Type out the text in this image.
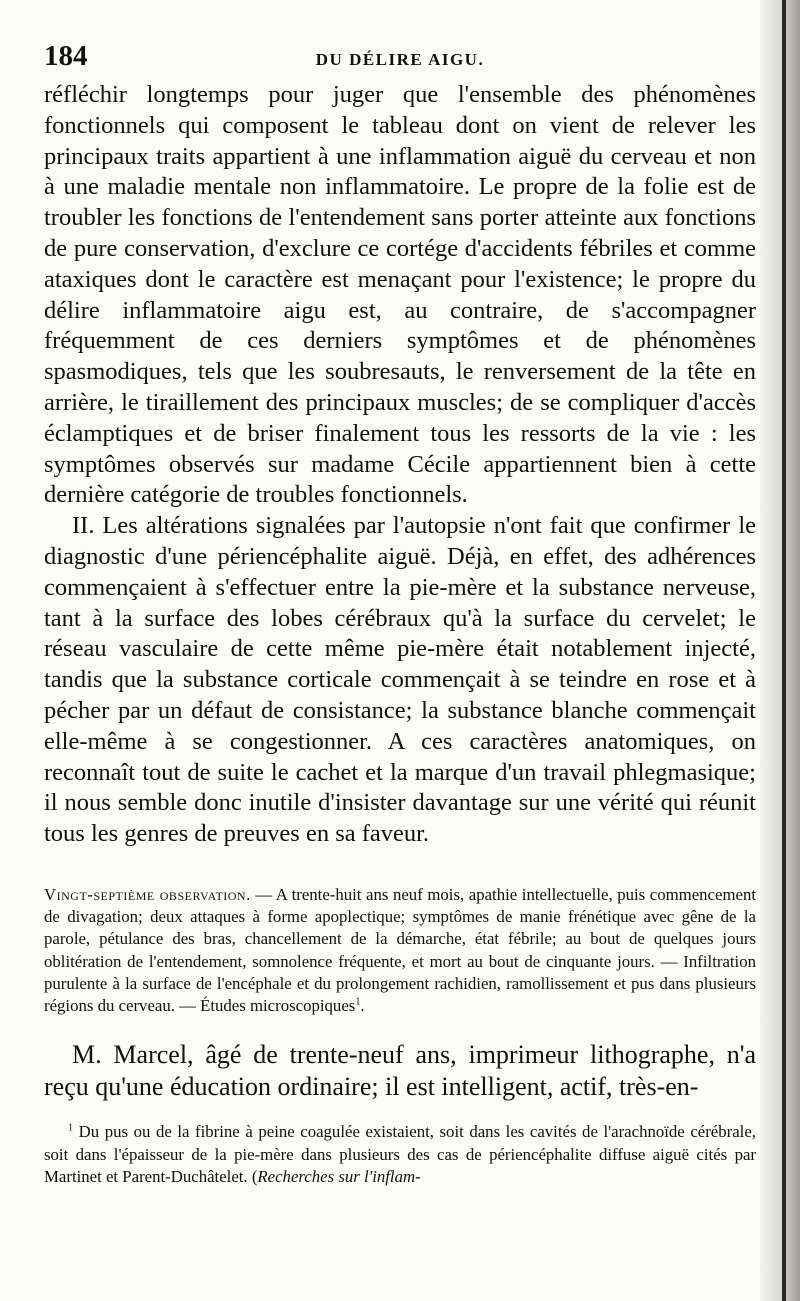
184	DU DÉLIRE AIGU.

réfléchir longtemps pour juger que l'ensemble des phénomènes fonctionnels qui composent le tableau dont on vient de relever les principaux traits appartient à une inflammation aiguë du cerveau et non à une maladie mentale non inflammatoire. Le propre de la folie est de troubler les fonctions de l'entendement sans porter atteinte aux fonctions de pure conservation, d'exclure ce cortége d'accidents fébriles et comme ataxiques dont le caractère est menaçant pour l'existence; le propre du délire inflammatoire aigu est, au contraire, de s'accompagner fréquemment de ces derniers symptômes et de phénomènes spasmodiques, tels que les soubresauts, le renversement de la tête en arrière, le tiraillement des principaux muscles; de se compliquer d'accès éclamptiques et de briser finalement tous les ressorts de la vie : les symptômes observés sur madame Cécile appartiennent bien à cette dernière catégorie de troubles fonctionnels.

II. Les altérations signalées par l'autopsie n'ont fait que confirmer le diagnostic d'une périencéphalite aiguë. Déjà, en effet, des adhérences commençaient à s'effectuer entre la pie-mère et la substance nerveuse, tant à la surface des lobes cérébraux qu'à la surface du cervelet; le réseau vasculaire de cette même pie-mère était notablement injecté, tandis que la substance corticale commençait à se teindre en rose et à pécher par un défaut de consistance; la substance blanche commençait elle-même à se congestionner. A ces caractères anatomiques, on reconnaît tout de suite le cachet et la marque d'un travail phlegmasique; il nous semble donc inutile d'insister davantage sur une vérité qui réunit tous les genres de preuves en sa faveur.

Vingt-septième observation. — A trente-huit ans neuf mois, apathie intellectuelle, puis commencement de divagation; deux attaques à forme apoplectique; symptômes de manie frénétique avec gêne de la parole, pétulance des bras, chancellement de la démarche, état fébrile; au bout de quelques jours oblitération de l'entendement, somnolence fréquente, et mort au bout de cinquante jours. — Infiltration purulente à la surface de l'encéphale et du prolongement rachidien, ramollissement et pus dans plusieurs régions du cerveau. — Études microscopiques$^1$.

M. Marcel, âgé de trente-neuf ans, imprimeur lithographe, n'a reçu qu'une éducation ordinaire; il est intelligent, actif, très-en-

$^1$ Du pus ou de la fibrine à peine coagulée existaient, soit dans les cavités de l'arachnoïde cérébrale, soit dans l'épaisseur de la pie-mère dans plusieurs des cas de périencéphalite diffuse aiguë cités par Martinet et Parent-Duchâtelet. (Recherches sur l'inflam-
